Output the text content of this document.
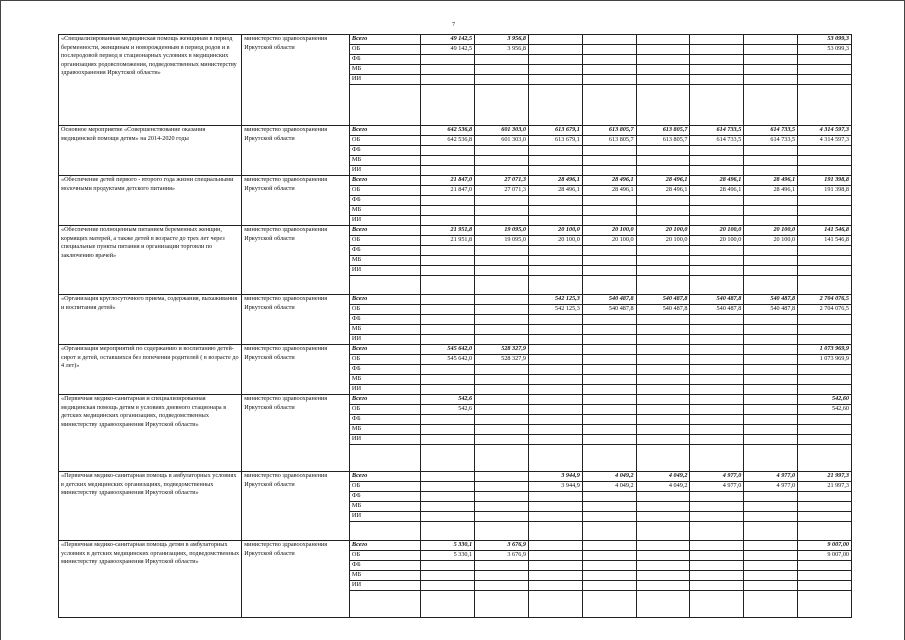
7
«Специализированная медицинская помощь женщинам в период беременности, женщинам и новорожденным в период родов и в послеродовой период в стационарных условиях в медицинских организациях родовспоможения, подведомственных министерству здравоохранения Иркутской области»	министерство здравоохранения
Иркутской области	Всего	49 142,5	3 956,8						53 099,3
		ОБ	49 142,5	3 956,8						53 099,3
		ФБ								
		МБ								
		ИИ								

Основное мероприятие «Совершенствование оказания медицинской помощи детям» на 2014-2020 годы	министерство здравоохранения
Иркутской области	Всего	642 536,8	601 303,0	613 679,1	613 805,7	613 805,7	614 733,5	614 733,5	4 314 597,3
		ОБ	642 536,8	601 303,0	613 679,1	613 805,7	613 805,7	614 733,5	614 733,5	4 314 597,3
		ФБ								
		МБ								
		ИИ								
«Обеспечение детей первого - второго года жизни специальными молочными продуктами детского питания»	министерство здравоохранения
Иркутской области	Всего	21 847,0	27 071,3	28 496,1	28 496,1	28 496,1	28 496,1	28 496,1	191 398,8
		ОБ	21 847,0	27 071,3	28 496,1	28 496,1	28 496,1	28 496,1	28 496,1	191 398,8
		ФБ								
		МБ								
		ИИ								
«Обеспечение полноценным питанием беременных женщин, кормящих матерей, а также детей в возрасте до трех лет через специальные пункты питания и организации торговли по заключению врачей»	министерство здравоохранения
Иркутской области	Всего	21 951,8	19 095,0	20 100,0	20 100,0	20 100,0	20 100,0	20 100,0	141 546,8
		ОБ	21 951,8	19 095,0	20 100,0	20 100,0	20 100,0	20 100,0	20 100,0	141 546,8
		ФБ								
		МБ								
		ИИ								

«Организация круглосуточного приема, содержания, выхаживания и воспитания детей»	министерство здравоохранения
Иркутской области	Всего			542 125,3	540 487,8	540 487,8	540 487,8	540 487,8	2 704 076,5
		ОБ			542 125,3	540 487,8	540 487,8	540 487,8	540 487,8	2 704 076,5
		ФБ								
		МБ								
		ИИ								
«Организация мероприятий по содержанию и воспитанию детей-сирот и детей, оставшихся без попечения родителей ( в возрасте до 4 лет)»	министерство здравоохранения
Иркутской области	Всего	545 642,0	528 327,9						1 073 969,9
		ОБ	545 642,0	528 327,9						1 073 969,9
		ФБ								
		МБ								
		ИИ								
«Первичная медико-санитарная и специализированная медицинская помощь детям в условиях дневного стационара в детских медицинских организациях, подведомственных министерству здравоохранения Иркутской области»	министерство здравоохранения
Иркутской области	Всего	542,6							542,60
		ОБ	542,6							542,60
		ФБ								
		МБ								
		ИИ								

«Первичная медико-санитарная помощь в амбулаторных условиях в детских медицинских организациях, подведомственных министерству здравоохранения Иркутской области»	министерство здравоохранения
Иркутской области	Всего			3 944,9	4 049,2	4 049,2	4 977,0	4 977,0	21 997,3
		ОБ			3 944,9	4 049,2	4 049,2	4 977,0	4 977,0	21 997,3
		ФБ								
		МБ								
		ИИ								

«Первичная медико-санитарная помощь детям в амбулаторных условиях в детских медицинских организациях, подведомственных министерству здравоохранения Иркутской области»	министерство здравоохранения
Иркутской области	Всего	5 330,1	3 676,9						9 007,00
		ОБ	5 330,1	3 676,9						9 007,00
		ФБ								
		МБ								
		ИИ								
